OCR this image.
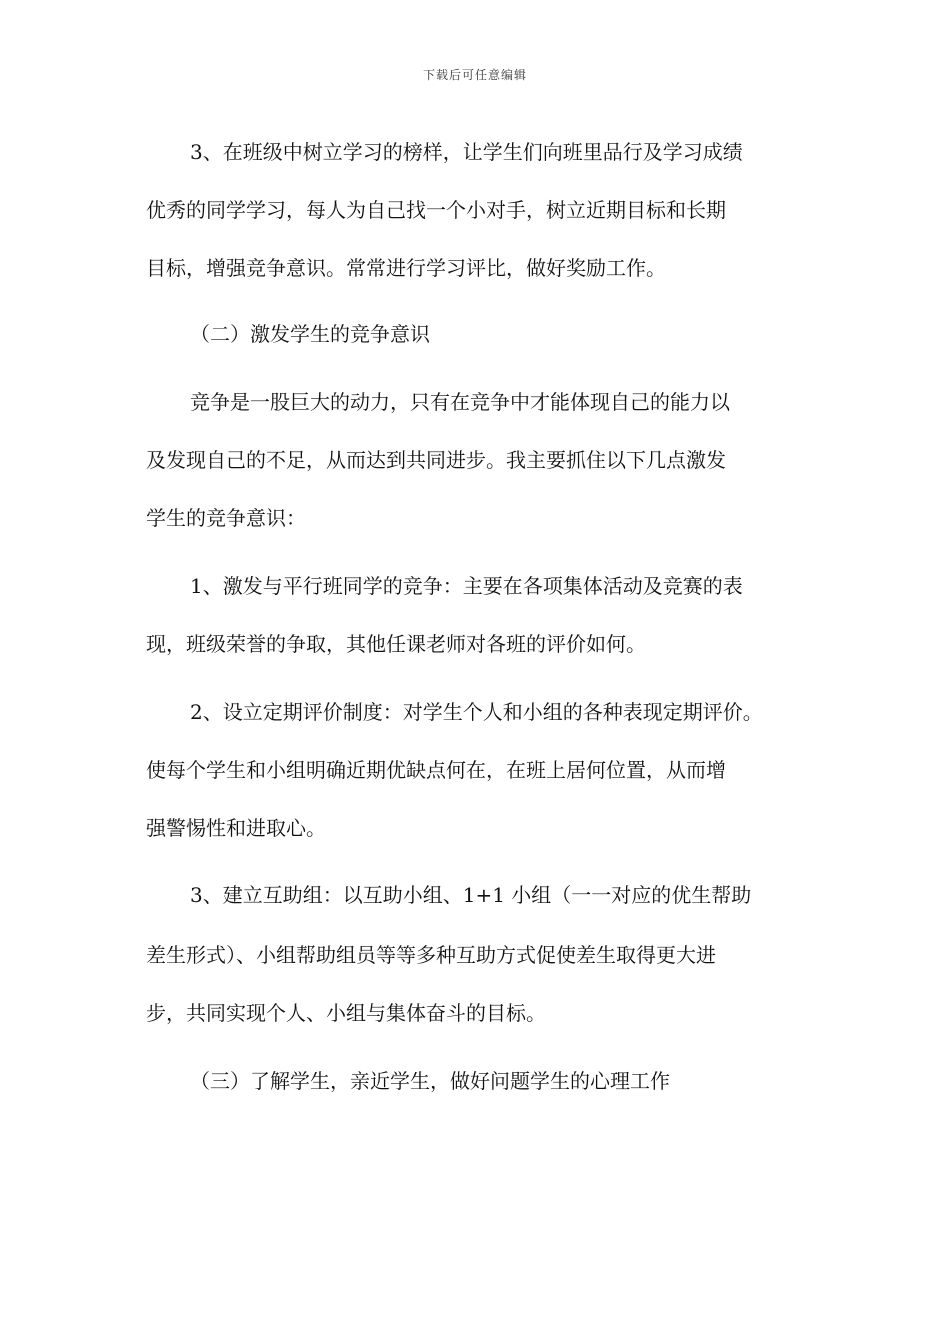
下载后可任意编辑
3、在班级中树立学习的榜样，让学生们向班里品行及学习成绩
优秀的同学学习，每人为自己找一个小对手，树立近期目标和长期
目标，增强竞争意识。常常进行学习评比，做好奖励工作。
（二）激发学生的竞争意识
竞争是一股巨大的动力，只有在竞争中才能体现自己的能力以
及发现自己的不足，从而达到共同进步。我主要抓住以下几点激发
学生的竞争意识：
1、激发与平行班同学的竞争：主要在各项集体活动及竞赛的表
现，班级荣誉的争取，其他任课老师对各班的评价如何。
2、设立定期评价制度：对学生个人和小组的各种表现定期评价。
使每个学生和小组明确近期优缺点何在，在班上居何位置，从而增
强警惕性和进取心。
3、建立互助组：以互助小组、1+1 小组（一一对应的优生帮助
差生形式）、小组帮助组员等等多种互助方式促使差生取得更大进
步，共同实现个人、小组与集体奋斗的目标。
（三）了解学生，亲近学生，做好问题学生的心理工作
